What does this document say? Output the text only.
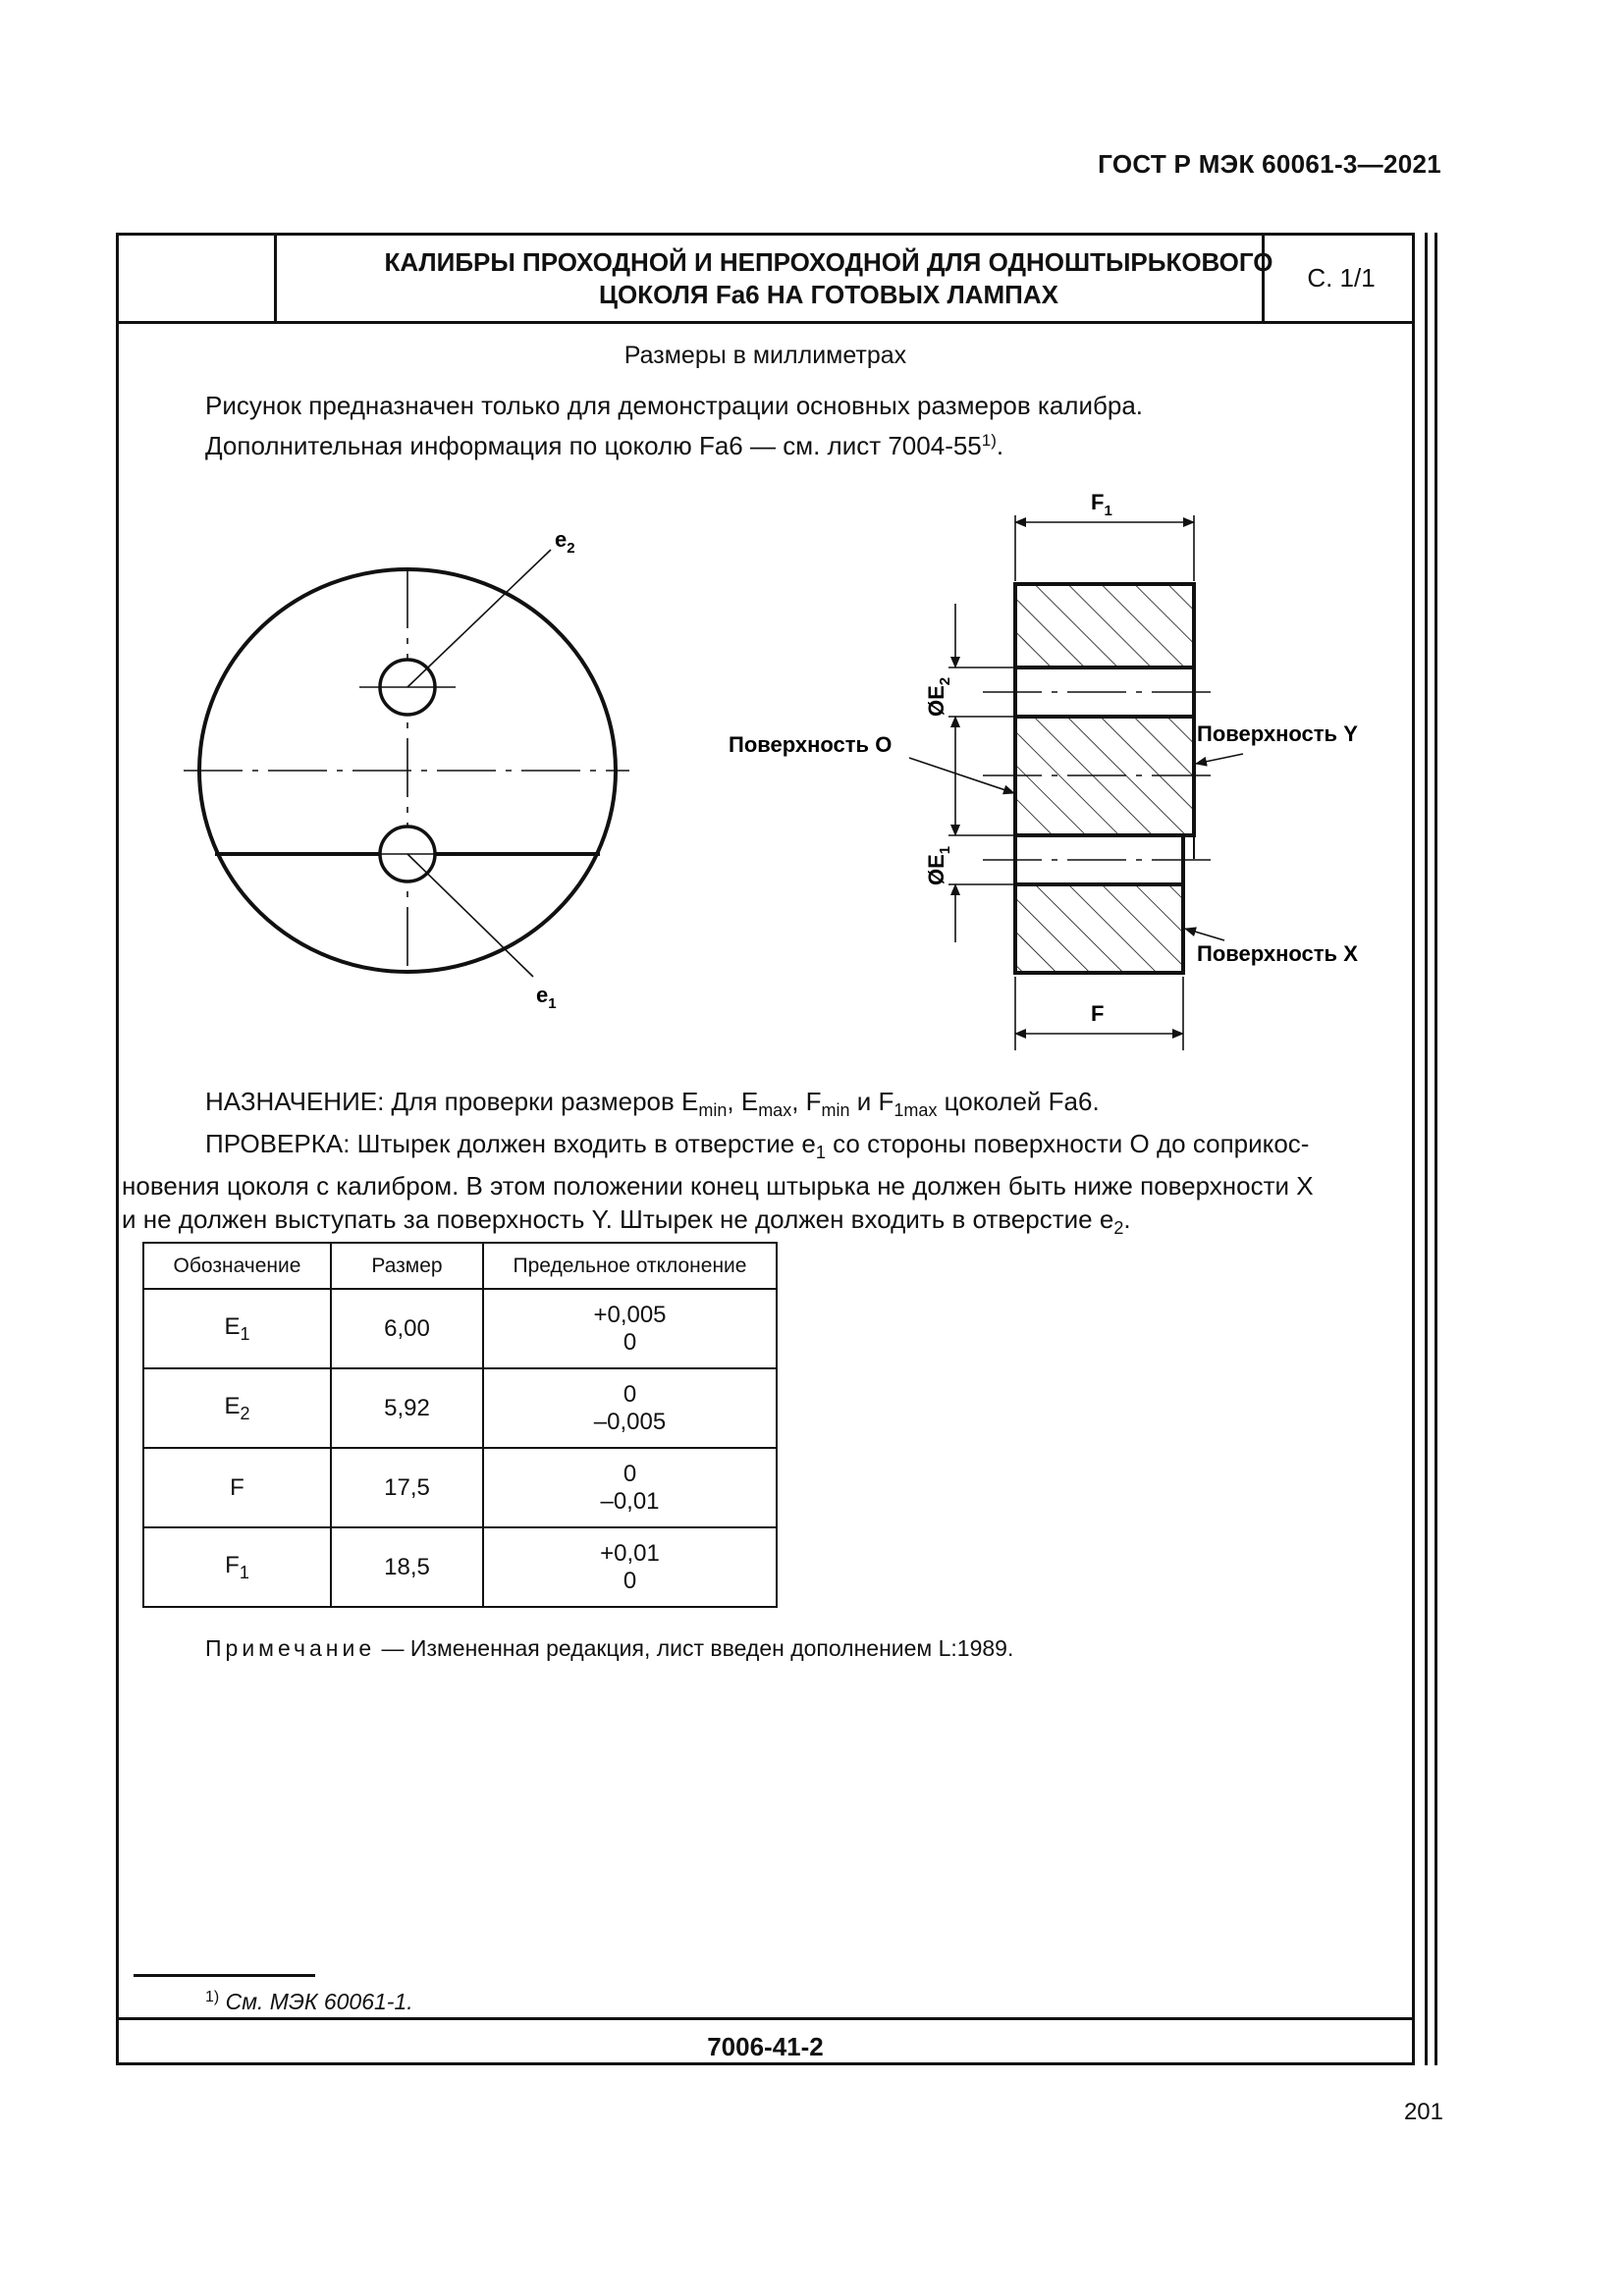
ГОСТ Р МЭК 60061-3—2021
КАЛИБРЫ ПРОХОДНОЙ И НЕПРОХОДНОЙ ДЛЯ ОДНОШТЫРЬКОВОГО
ЦОКОЛЯ Fa6 НА ГОТОВЫХ ЛАМПАХ
С. 1/1
Размеры в миллиметрах

Рисунок предназначен только для демонстрации основных размеров калибра.

Дополнительная информация по цоколю Fa6 — см. лист 7004-55$^{1)}$.

$e_2$
$e_1$
$F_1$
F
$ØE_2$
$ØE_1$
Поверхность O	Поверхность Y
Поверхность X

НАЗНАЧЕНИЕ: Для проверки размеров $E_{min}$, $E_{max}$, $F_{min}$ и $F_{1max}$ цоколей Fa6.

ПРОВЕРКА: Штырек должен входить в отверстие $e_1$ со стороны поверхности O до соприкос-

новения цоколя с калибром. В этом положении конец штырька не должен быть ниже поверхности X

и не должен выступать за поверхность Y. Штырек не должен входить в отверстие $e_2$.

Обозначение	Размер	Предельное отклонение
$E_1$	6,00	+0,005
0

$E_2$	5,92	0
–0,005

F	17,5	0
–0,01

$F_1$	18,5	+0,01
0
Примечание — Измененная редакция, лист введен дополнением L:1989.
$^{1)}$ См. МЭК 60061-1.
7006-41-2
201
